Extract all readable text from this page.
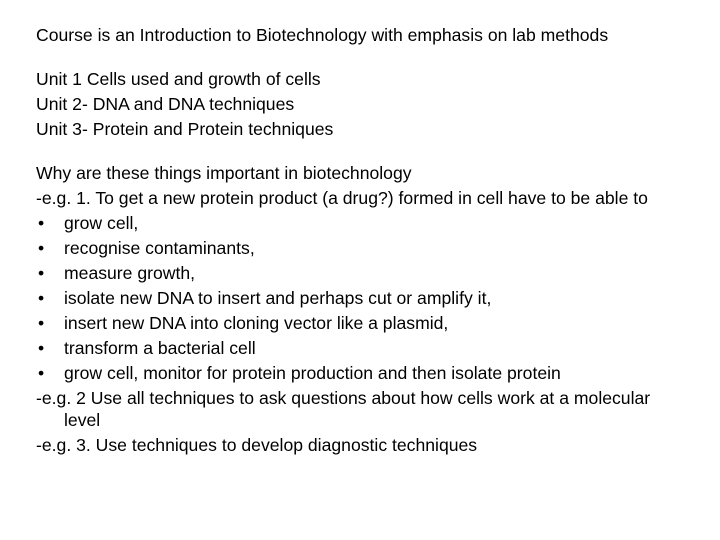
Course is an Introduction to Biotechnology with emphasis on lab methods

Unit 1 Cells used and growth of cells

Unit 2- DNA and DNA techniques

Unit 3- Protein and Protein techniques

Why are these things important in biotechnology

-e.g. 1. To get a new protein product (a drug?) formed in cell have to be able to

•	grow cell,
•	recognise contaminants,
•	measure growth,
•	isolate new DNA to insert and perhaps cut or amplify it,
•	insert new DNA into cloning vector like a plasmid,
•	transform a bacterial cell
•	grow cell, monitor for protein production and then isolate protein

-e.g. 2 Use all techniques to ask questions about how cells work at a molecular level

-e.g. 3. Use techniques to develop diagnostic techniques
